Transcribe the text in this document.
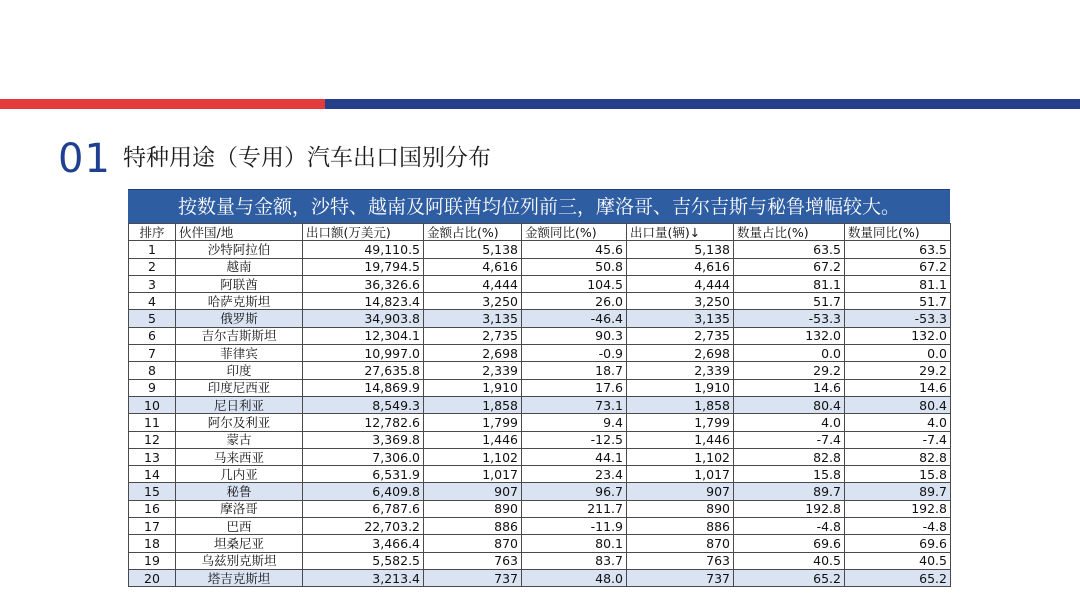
01 特种用途（专用）汽车出口国别分布
按数量与金额，沙特、越南及阿联酋均位列前三，摩洛哥、吉尔吉斯与秘鲁增幅较大。
排序	伙伴国/地	出口额(万美元)	金额占比(%)	金额同比(%)	出口量(辆)↓	数量占比(%)	数量同比(%)
1	沙特阿拉伯	49,110.5	5,138	45.6	5,138	63.5	63.5
2	越南	19,794.5	4,616	50.8	4,616	67.2	67.2
3	阿联酋	36,326.6	4,444	104.5	4,444	81.1	81.1
4	哈萨克斯坦	14,823.4	3,250	26.0	3,250	51.7	51.7
5	俄罗斯	34,903.8	3,135	-46.4	3,135	-53.3	-53.3
6	吉尔吉斯斯坦	12,304.1	2,735	90.3	2,735	132.0	132.0
7	菲律宾	10,997.0	2,698	-0.9	2,698	0.0	0.0
8	印度	27,635.8	2,339	18.7	2,339	29.2	29.2
9	印度尼西亚	14,869.9	1,910	17.6	1,910	14.6	14.6
10	尼日利亚	8,549.3	1,858	73.1	1,858	80.4	80.4
11	阿尔及利亚	12,782.6	1,799	9.4	1,799	4.0	4.0
12	蒙古	3,369.8	1,446	-12.5	1,446	-7.4	-7.4
13	马来西亚	7,306.0	1,102	44.1	1,102	82.8	82.8
14	几内亚	6,531.9	1,017	23.4	1,017	15.8	15.8
15	秘鲁	6,409.8	907	96.7	907	89.7	89.7
16	摩洛哥	6,787.6	890	211.7	890	192.8	192.8
17	巴西	22,703.2	886	-11.9	886	-4.8	-4.8
18	坦桑尼亚	3,466.4	870	80.1	870	69.6	69.6
19	乌兹别克斯坦	5,582.5	763	83.7	763	40.5	40.5
20	塔吉克斯坦	3,213.4	737	48.0	737	65.2	65.2
